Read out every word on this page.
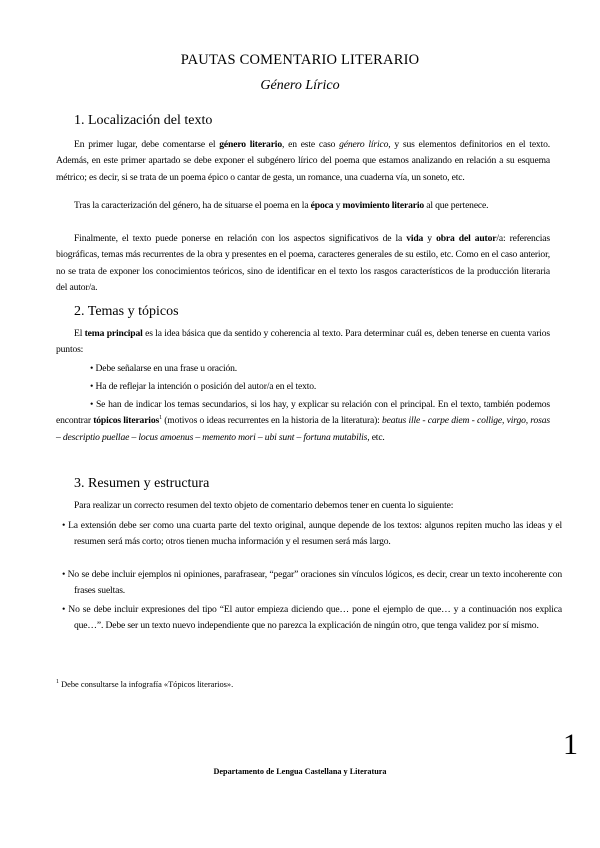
PAUTAS COMENTARIO LITERARIO
Género Lírico
1. Localización del texto

En primer lugar, debe comentarse el género literario, en este caso género lírico, y sus elementos definitorios en el texto. Además, en este primer apartado se debe exponer el subgénero lírico del poema que estamos analizando en relación a su esquema métrico; es decir, si se trata de un poema épico o cantar de gesta, un romance, una cuaderna vía, un soneto, etc.

Tras la caracterización del género, ha de situarse el poema en la época y movimiento literario al que pertenece.

Finalmente, el texto puede ponerse en relación con los aspectos significativos de la vida y obra del autor/a: referencias biográficas, temas más recurrentes de la obra y presentes en el poema, caracteres generales de su estilo, etc. Como en el caso anterior, no se trata de exponer los conocimientos teóricos, sino de identificar en el texto los rasgos característicos de la producción literaria del autor/a.

2. Temas y tópicos

El tema principal es la idea básica que da sentido y coherencia al texto. Para determinar cuál es, deben tenerse en cuenta varios puntos:

• Debe señalarse en una frase u oración.

• Ha de reflejar la intención o posición del autor/a en el texto.

• Se han de indicar los temas secundarios, si los hay, y explicar su relación con el principal. En el texto, también podemos encontrar tópicos literarios$^1$ (motivos o ideas recurrentes en la historia de la literatura): beatus ille - carpe diem - collige, virgo, rosas – descriptio puellae – locus amoenus – memento mori – ubi sunt – fortuna mutabilis, etc.

3. Resumen y estructura

Para realizar un correcto resumen del texto objeto de comentario debemos tener en cuenta lo siguiente:

• La extensión debe ser como una cuarta parte del texto original, aunque depende de los textos: algunos repiten mucho las ideas y el resumen será más corto; otros tienen mucha información y el resumen será más largo.

• No se debe incluir ejemplos ni opiniones, parafrasear, “pegar” oraciones sin vínculos lógicos, es decir, crear un texto incoherente con frases sueltas.

• No se debe incluir expresiones del tipo “El autor empieza diciendo que… pone el ejemplo de que… y a continuación nos explica que…”. Debe ser un texto nuevo independiente que no parezca la explicación de ningún otro, que tenga validez por sí mismo.

$^1$ Debe consultarse la infografía «Tópicos literarios».
1
Departamento de Lengua Castellana y Literatura
